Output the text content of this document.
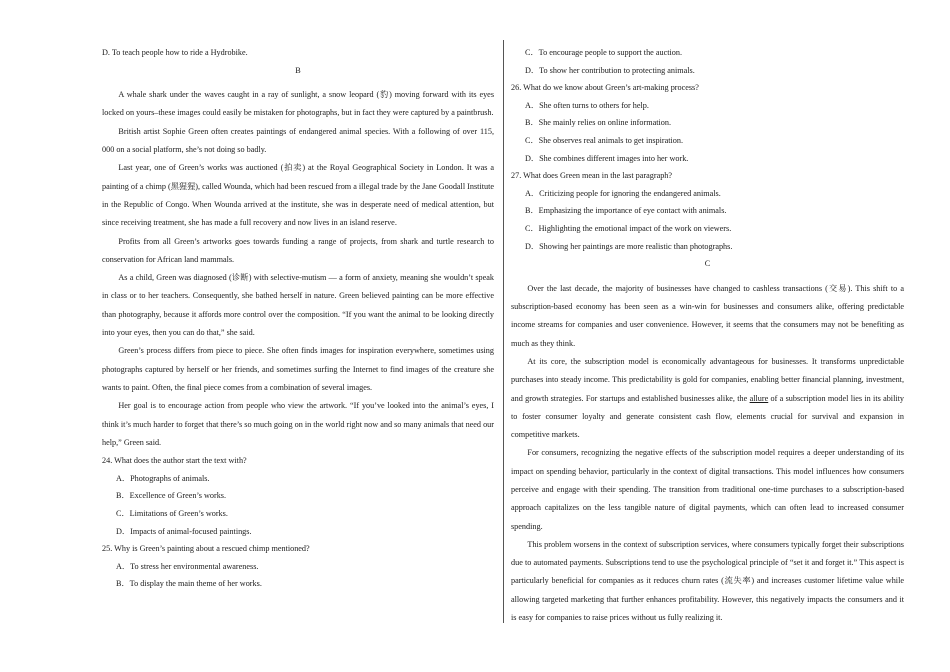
D. To teach people how to ride a Hydrobike.

B

A whale shark under the waves caught in a ray of sunlight, a snow leopard (豹) moving forward with its eyes locked on yours–these images could easily be mistaken for photographs, but in fact they were captured by a paintbrush.

British artist Sophie Green often creates paintings of endangered animal species. With a following of over 115, 000 on a social platform, she’s not doing so badly.

Last year, one of Green’s works was auctioned (拍卖) at the Royal Geographical Society in London. It was a painting of a chimp (黑猩猩), called Wounda, which had been rescued from a illegal trade by the Jane Goodall Institute in the Republic of Congo. When Wounda arrived at the institute, she was in desperate need of medical attention, but since receiving treatment, she has made a full recovery and now lives in an island reserve.

Profits from all Green’s artworks goes towards funding a range of projects, from shark and turtle research to conservation for African land mammals.

As a child, Green was diagnosed (诊断) with selective-mutism — a form of anxiety, meaning she wouldn’t speak in class or to her teachers. Consequently, she bathed herself in nature. Green believed painting can be more effective than photography, because it affords more control over the composition. “If you want the animal to be looking directly into your eyes, then you can do that,” she said.

Green’s process differs from piece to piece. She often finds images for inspiration everywhere, sometimes using photographs captured by herself or her friends, and sometimes surfing the Internet to find images of the creature she wants to paint. Often, the final piece comes from a combination of several images.

Her goal is to encourage action from people who view the artwork. “If you’ve looked into the animal’s eyes, I think it’s much harder to forget that there’s so much going on in the world right now and so many animals that need our help,” Green said.

24. What does the author start the text with?

A．Photographs of animals.

B．Excellence of Green’s works.

C．Limitations of Green’s works.

D．Impacts of animal-focused paintings.

25. Why is Green’s painting about a rescued chimp mentioned?

A．To stress her environmental awareness.

B．To display the main theme of her works.

C．To encourage people to support the auction.

D．To show her contribution to protecting animals.

26. What do we know about Green’s art-making process?

A．She often turns to others for help.

B．She mainly relies on online information.

C．She observes real animals to get inspiration.

D．She combines different images into her work.

27. What does Green mean in the last paragraph?

A．Criticizing people for ignoring the endangered animals.

B．Emphasizing the importance of eye contact with animals.

C．Highlighting the emotional impact of the work on viewers.

D．Showing her paintings are more realistic than photographs.

C

Over the last decade, the majority of businesses have changed to cashless transactions (交易). This shift to a subscription-based economy has been seen as a win-win for businesses and consumers alike, offering predictable income streams for companies and user convenience. However, it seems that the consumers may not be benefiting as much as they think.

At its core, the subscription model is economically advantageous for businesses. It transforms unpredictable purchases into steady income. This predictability is gold for companies, enabling better financial planning, investment, and growth strategies. For startups and established businesses alike, the allure of a subscription model lies in its ability to foster consumer loyalty and generate consistent cash flow, elements crucial for survival and expansion in competitive markets.

For consumers, recognizing the negative effects of the subscription model requires a deeper understanding of its impact on spending behavior, particularly in the context of digital transactions. This model influences how consumers perceive and engage with their spending. The transition from traditional one-time purchases to a subscription-based approach capitalizes on the less tangible nature of digital payments, which can often lead to increased consumer spending.

This problem worsens in the context of subscription services, where consumers typically forget their subscriptions due to automated payments. Subscriptions tend to use the psychological principle of “set it and forget it.” This aspect is particularly beneficial for companies as it reduces churn rates (流失率) and increases customer lifetime value while allowing targeted marketing that further enhances profitability. However, this negatively impacts the consumers and it is easy for companies to raise prices without us fully realizing it.
